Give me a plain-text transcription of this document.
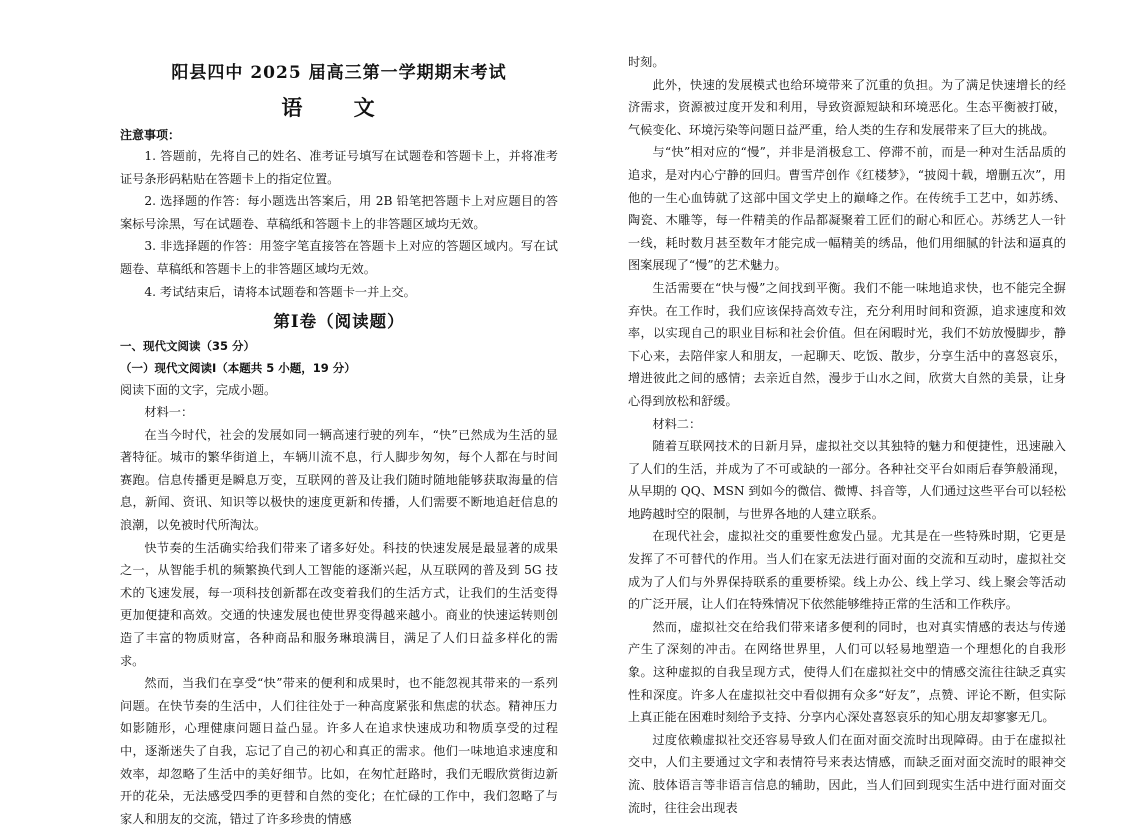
阳县四中 2025 届高三第一学期期末考试
语 文
注意事项：

1. 答题前，先将自己的姓名、准考证号填写在试题卷和答题卡上，并将准考证号条形码粘贴在答题卡上的指定位置。

2. 选择题的作答：每小题选出答案后，用 2B 铅笔把答题卡上对应题目的答案标号涂黑，写在试题卷、草稿纸和答题卡上的非答题区域均无效。

3. 非选择题的作答：用签字笔直接答在答题卡上对应的答题区域内。写在试题卷、草稿纸和答题卡上的非答题区域均无效。

4. 考试结束后，请将本试题卷和答题卡一并上交。

第Ⅰ卷（阅读题）
一、现代文阅读（35 分）
（一）现代文阅读Ⅰ（本题共 5 小题，19 分）
阅读下面的文字，完成小题。

材料一：

在当今时代，社会的发展如同一辆高速行驶的列车，“快”已然成为生活的显著特征。城市的繁华街道上，车辆川流不息，行人脚步匆匆，每个人都在与时间赛跑。信息传播更是瞬息万变，互联网的普及让我们随时随地能够获取海量的信息，新闻、资讯、知识等以极快的速度更新和传播，人们需要不断地追赶信息的浪潮，以免被时代所淘汰。

快节奏的生活确实给我们带来了诸多好处。科技的快速发展是最显著的成果之一，从智能手机的频繁换代到人工智能的逐渐兴起，从互联网的普及到 5G 技术的飞速发展，每一项科技创新都在改变着我们的生活方式，让我们的生活变得更加便捷和高效。交通的快速发展也使世界变得越来越小。商业的快速运转则创造了丰富的物质财富，各种商品和服务琳琅满目，满足了人们日益多样化的需求。

然而，当我们在享受“快”带来的便利和成果时，也不能忽视其带来的一系列问题。在快节奏的生活中，人们往往处于一种高度紧张和焦虑的状态。精神压力如影随形，心理健康问题日益凸显。许多人在追求快速成功和物质享受的过程中，逐渐迷失了自我，忘记了自己的初心和真正的需求。他们一味地追求速度和效率，却忽略了生活中的美好细节。比如，在匆忙赶路时，我们无暇欣赏街边新开的花朵，无法感受四季的更替和自然的变化；在忙碌的工作中，我们忽略了与家人和朋友的交流，错过了许多珍贵的情感

时刻。

此外，快速的发展模式也给环境带来了沉重的负担。为了满足快速增长的经济需求，资源被过度开发和利用，导致资源短缺和环境恶化。生态平衡被打破，气候变化、环境污染等问题日益严重，给人类的生存和发展带来了巨大的挑战。

与“快”相对应的“慢”，并非是消极怠工、停滞不前，而是一种对生活品质的追求，是对内心宁静的回归。曹雪芹创作《红楼梦》，“披阅十载，增删五次”，用他的一生心血铸就了这部中国文学史上的巅峰之作。在传统手工艺中，如苏绣、陶瓷、木雕等，每一件精美的作品都凝聚着工匠们的耐心和匠心。苏绣艺人一针一线，耗时数月甚至数年才能完成一幅精美的绣品，他们用细腻的针法和逼真的图案展现了“慢”的艺术魅力。

生活需要在“快与慢”之间找到平衡。我们不能一味地追求快，也不能完全摒弃快。在工作时，我们应该保持高效专注，充分利用时间和资源，追求速度和效率，以实现自己的职业目标和社会价值。但在闲暇时光，我们不妨放慢脚步，静下心来，去陪伴家人和朋友，一起聊天、吃饭、散步，分享生活中的喜怒哀乐，增进彼此之间的感情；去亲近自然，漫步于山水之间，欣赏大自然的美景，让身心得到放松和舒缓。

材料二：

随着互联网技术的日新月异，虚拟社交以其独特的魅力和便捷性，迅速融入了人们的生活，并成为了不可或缺的一部分。各种社交平台如雨后春笋般涌现，从早期的 QQ、MSN 到如今的微信、微博、抖音等，人们通过这些平台可以轻松地跨越时空的限制，与世界各地的人建立联系。

在现代社会，虚拟社交的重要性愈发凸显。尤其是在一些特殊时期，它更是发挥了不可替代的作用。当人们在家无法进行面对面的交流和互动时，虚拟社交成为了人们与外界保持联系的重要桥梁。线上办公、线上学习、线上聚会等活动的广泛开展，让人们在特殊情况下依然能够维持正常的生活和工作秩序。

然而，虚拟社交在给我们带来诸多便利的同时，也对真实情感的表达与传递产生了深刻的冲击。在网络世界里，人们可以轻易地塑造一个理想化的自我形象。这种虚拟的自我呈现方式，使得人们在虚拟社交中的情感交流往往缺乏真实性和深度。许多人在虚拟社交中看似拥有众多“好友”，点赞、评论不断，但实际上真正能在困难时刻给予支持、分享内心深处喜怒哀乐的知心朋友却寥寥无几。

过度依赖虚拟社交还容易导致人们在面对面交流时出现障碍。由于在虚拟社交中，人们主要通过文字和表情符号来表达情感，而缺乏面对面交流时的眼神交流、肢体语言等非语言信息的辅助，因此，当人们回到现实生活中进行面对面交流时，往往会出现表
